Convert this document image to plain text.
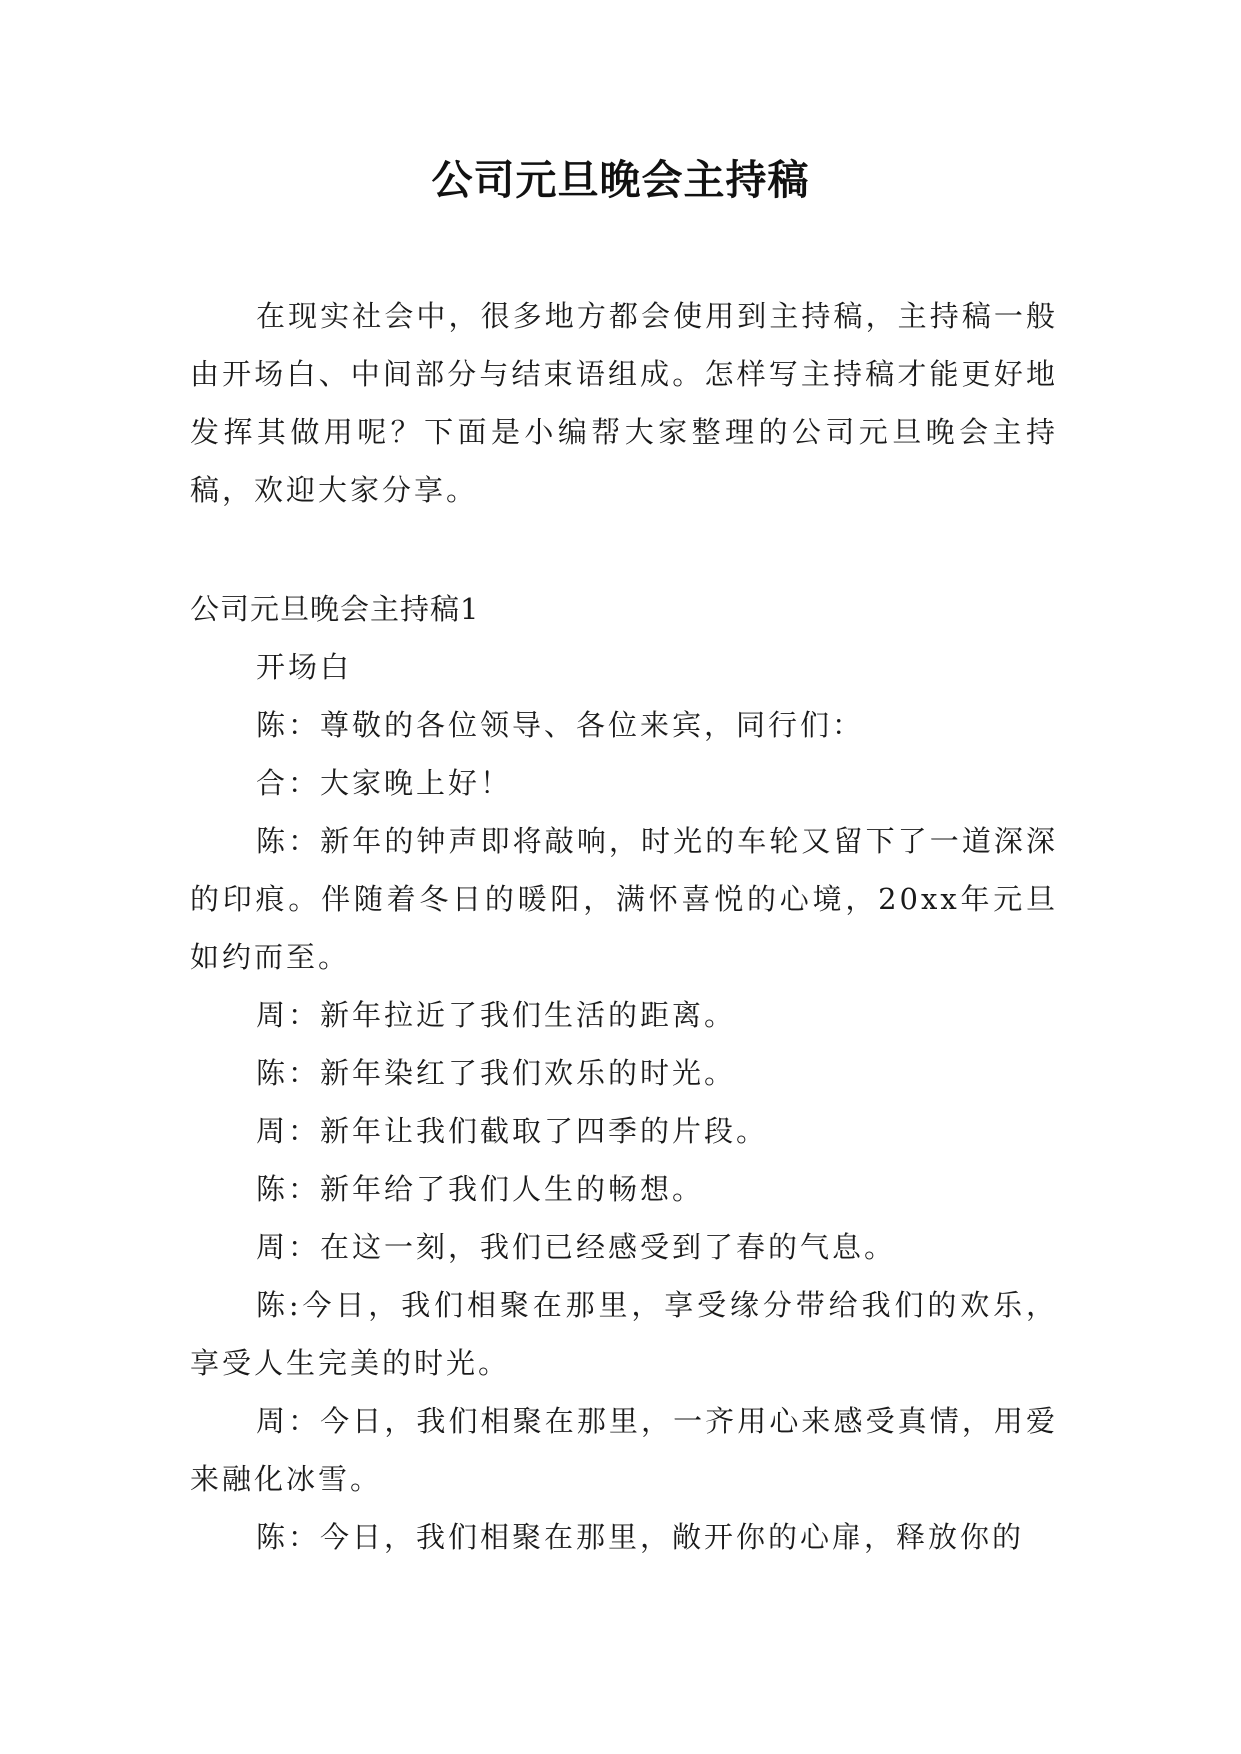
公司元旦晚会主持稿

在现实社会中，很多地方都会使用到主持稿，主持稿一般由开场白、中间部分与结束语组成。怎样写主持稿才能更好地发挥其做用呢？下面是小编帮大家整理的公司元旦晚会主持稿，欢迎大家分享。

公司元旦晚会主持稿1

开场白

陈：尊敬的各位领导、各位来宾，同行们：

合：大家晚上好！

陈：新年的钟声即将敲响，时光的车轮又留下了一道深深的印痕。伴随着冬日的暖阳，满怀喜悦的心境，20xx年元旦如约而至。

周：新年拉近了我们生活的距离。

陈：新年染红了我们欢乐的时光。

周：新年让我们截取了四季的片段。

陈：新年给了我们人生的畅想。

周：在这一刻，我们已经感受到了春的气息。

陈:今日，我们相聚在那里，享受缘分带给我们的欢乐，享受人生完美的时光。

周：今日，我们相聚在那里，一齐用心来感受真情，用爱来融化冰雪。

陈：今日，我们相聚在那里，敞开你的心扉，释放你的
